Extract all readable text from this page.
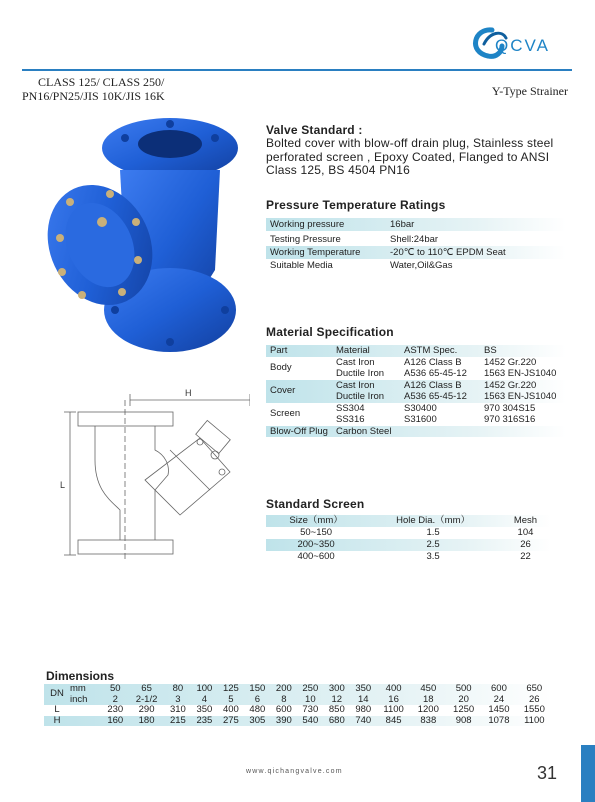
QCVA
CLASS 125/ CLASS 250/
PN16/PN25/JIS 10K/JIS 16K	Y-Type Strainer
H
L
Valve Standard :
Bolted cover with blow-off drain plug, Stainless steel perforated screen , Epoxy Coated, Flanged to ANSI Class 125, BS 4504 PN16
Pressure Temperature Ratings
Working pressure	16bar

Testing Pressure	Shell:24bar
Working Temperature	-20℃ to 110℃ EPDM Seat
Suitable Media	Water,Oil&Gas
Material Specification
Part	Material	ASTM Spec.	BS
Body	Cast Iron	A126 Class B	1452 Gr.220
	Ductile Iron	A536 65-45-12	1563 EN-JS1040
Cover	Cast Iron	A126 Class B	1452 Gr.220
	Ductile Iron	A536 65-45-12	1563 EN-JS1040
Screen	SS304	S30400	970 304S15
	SS316	S31600	970 316S16
Blow-Off Plug	Carbon Steel		
Standard Screen
Size（mm）	Hole Dia.（mm）	Mesh
50~150	1.5	104
200~350	2.5	26
400~600	3.5	22
Dimensions
DN	mm	50	65	80	100	125	150	200	250	300	350	400	450	500	600	650
	inch	2	2-1/2	3	4	5	6	8	10	12	14	16	18	20	24	26
L		230	290	310	350	400	480	600	730	850	980	1100	1200	1250	1450	1550
H		160	180	215	235	275	305	390	540	680	740	845	838	908	1078	1100
www.qichangvalve.com	31
